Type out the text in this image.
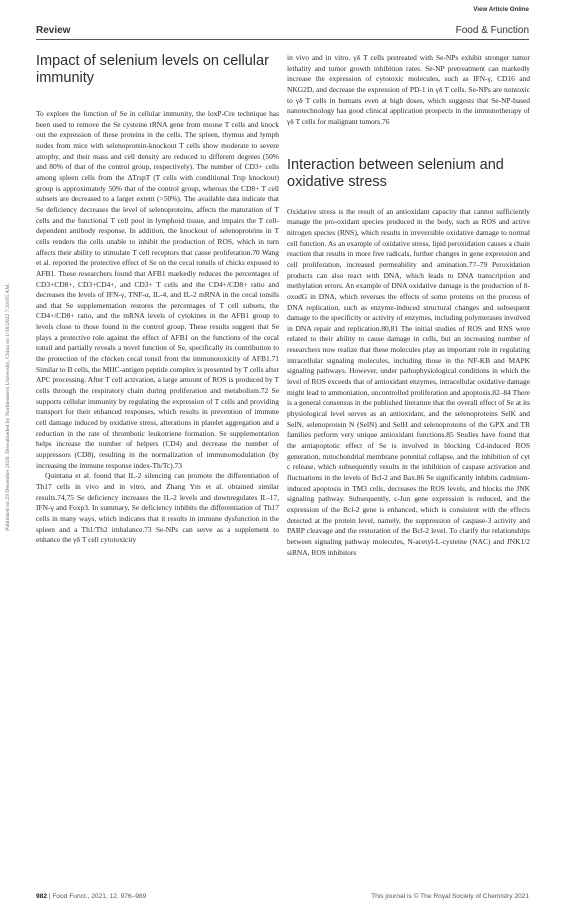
Published on 23 December 2020. Downloaded by Northeastern University, China on 1/16/2022 7:33:05 AM.
View Article Online
Review	Food & Function
Impact of selenium levels on cellular immunity

To explore the function of Se in cellular immunity, the loxP-Cre technique has been used to remove the Se cysteine tRNA gene from mouse T cells and knock out the expression of these proteins in the cells. The spleen, thymus and lymph nodes from mice with selenoprotein-knockout T cells show moderate to severe atrophy, and their mass and cell density are reduced to different degrees (50% and 80% of that of the control group, respectively). The number of CD3+ cells among spleen cells from the ΔTrspT (T cells with conditional Trsp knockout) group is approximately 50% that of the control group, whereas the CD8+ T cell subsets are decreased to a larger extent (>50%). The available data indicate that Se deficiency decreases the level of selenoproteins, affects the maturation of T cells and the functional T cell pool in lymphoid tissue, and impairs the T cell-dependent antibody response. In addition, the knockout of selenoproteins in T cells renders the cells unable to inhibit the production of ROS, which in turn affects their ability to stimulate T cell receptors that cause proliferation.70 Wang et al. reported the protective effect of Se on the cecal tonsils of chicks exposed to AFB1. These researchers found that AFB1 markedly reduces the percentages of CD3+CD8+, CD3+CD4+, and CD3+ T cells and the CD4+/CD8+ ratio and decreases the levels of IFN-γ, TNF-α, IL-4, and IL-2 mRNA in the cecal tonsils and that Se supplementation restores the percentages of T cell subsets, the CD4+/CD8+ ratio, and the mRNA levels of cytokines in the AFB1 group to levels close to those found in the control group. These results suggest that Se plays a protective role against the effect of AFB1 on the functions of the cecal tonsil and partially reveals a novel function of Se, specifically its contribution to the protection of the chicken cecal tonsil from the immunotoxicity of AFB1.71 Similar to B cells, the MHC-antigen peptide complex is presented by T cells after APC processing. After T cell activation, a large amount of ROS is produced by T cells through the respiratory chain during proliferation and metabolism.72 Se supports cellular immunity by regulating the expression of T cells and providing transport for their enhanced responses, which results in prevention of immune cell damage induced by oxidative stress, alterations in platelet aggregation and a reduction in the rate of thrombotic leukotriene formation. Se supplementation helps increase the number of helpers (CD4) and decrease the number of suppressors (CD8), resulting in the normalization of immunomodulation (by increasing the immune response index-Th/Tc).73

Quintana et al. found that IL-2 silencing can promote the differentiation of Th17 cells in vivo and in vitro, and Zhang Ym et al. obtained similar results.74,75 Se deficiency increases the IL-2 levels and downregulates IL-17, IFN-γ and Foxp3. In summary, Se deficiency inhibits the differentiation of Th17 cells in many ways, which indicates that it results in immune dysfunction in the spleen and a Th1/Th2 imbalance.73 Se-NPs can serve as a supplement to enhance the γδ T cell cytotoxicity

in vivo and in vitro. γδ T cells pretreated with Se-NPs exhibit stronger tumor lethality and tumor growth inhibition rates. Se-NP pretreatment can markedly increase the expression of cytotoxic molecules, such as IFN-γ, CD16 and NKG2D, and decrease the expression of PD-1 in γδ T cells. Se-NPs are nontoxic to γδ T cells in humans even at high doses, which suggests that Se-NP-based nanotechnology has good clinical application prospects in the immunotherapy of γδ T cells for malignant tumors.76

Interaction between selenium and oxidative stress

Oxidative stress is the result of an antioxidant capacity that cannot sufficiently manage the pro-oxidant species produced in the body, such as ROS and active nitrogen species (RNS), which results in irreversible oxidative damage to normal cell function. As an example of oxidative stress, lipid peroxidation causes a chain reaction that results in more free radicals, further changes in gene expression and cell proliferation, increased permeability and amination.77–79 Peroxidation products can also react with DNA, which leads to DNA transcription and methylation errors. An example of DNA oxidative damage is the production of 8-oxodG in DNA, which reverses the effects of some proteins on the process of DNA replication, such as enzyme-induced structural changes and subsequent damage to the specificity or activity of enzymes, including polymerases involved in DNA repair and replication.80,81 The initial studies of ROS and RNS were related to their ability to cause damage in cells, but an increasing number of researchers now realize that these molecules play an important role in regulating intracellular signaling molecules, including those in the NF-KB and MAPK signaling pathways. However, under pathophysiological conditions in which the level of ROS exceeds that of antioxidant enzymes, intracellular oxidative damage might lead to ammoniation, uncontrolled proliferation and apoptosis.82–84 There is a general consensus in the published literature that the overall effect of Se at its physiological level serves as an antioxidant, and the selenoproteins SelK and SelN, selenoprotein N (SelN) and SelH and selenoproteins of the GPX and TR families perform very unique antioxidant functions.85 Studies have found that the antiapoptotic effect of Se is involved in blocking Cd-induced ROS generation, mitochondrial membrane potential collapse, and the inhibition of cyt c release, which subsequently results in the inhibition of caspase activation and fluctuations in the levels of Bcl-2 and Bax.86 Se significantly inhibits cadmium-induced apoptosis in TM3 cells, decreases the ROS levels, and blocks the JNK signaling pathway. Subsequently, c-Jun gene expression is reduced, and the expression of the Bcl-2 gene is enhanced, which is consistent with the effects detected at the protein level, namely, the suppression of caspase-3 activity and PARP cleavage and the restoration of the Bcl-2 level. To clarify the relationships between signaling pathway molecules, N-acetyl-L-cysteine (NAC) and JNK1/2 siRNA, ROS inhibitors

982 | Food Funct., 2021, 12, 976–989	This journal is © The Royal Society of Chemistry 2021
